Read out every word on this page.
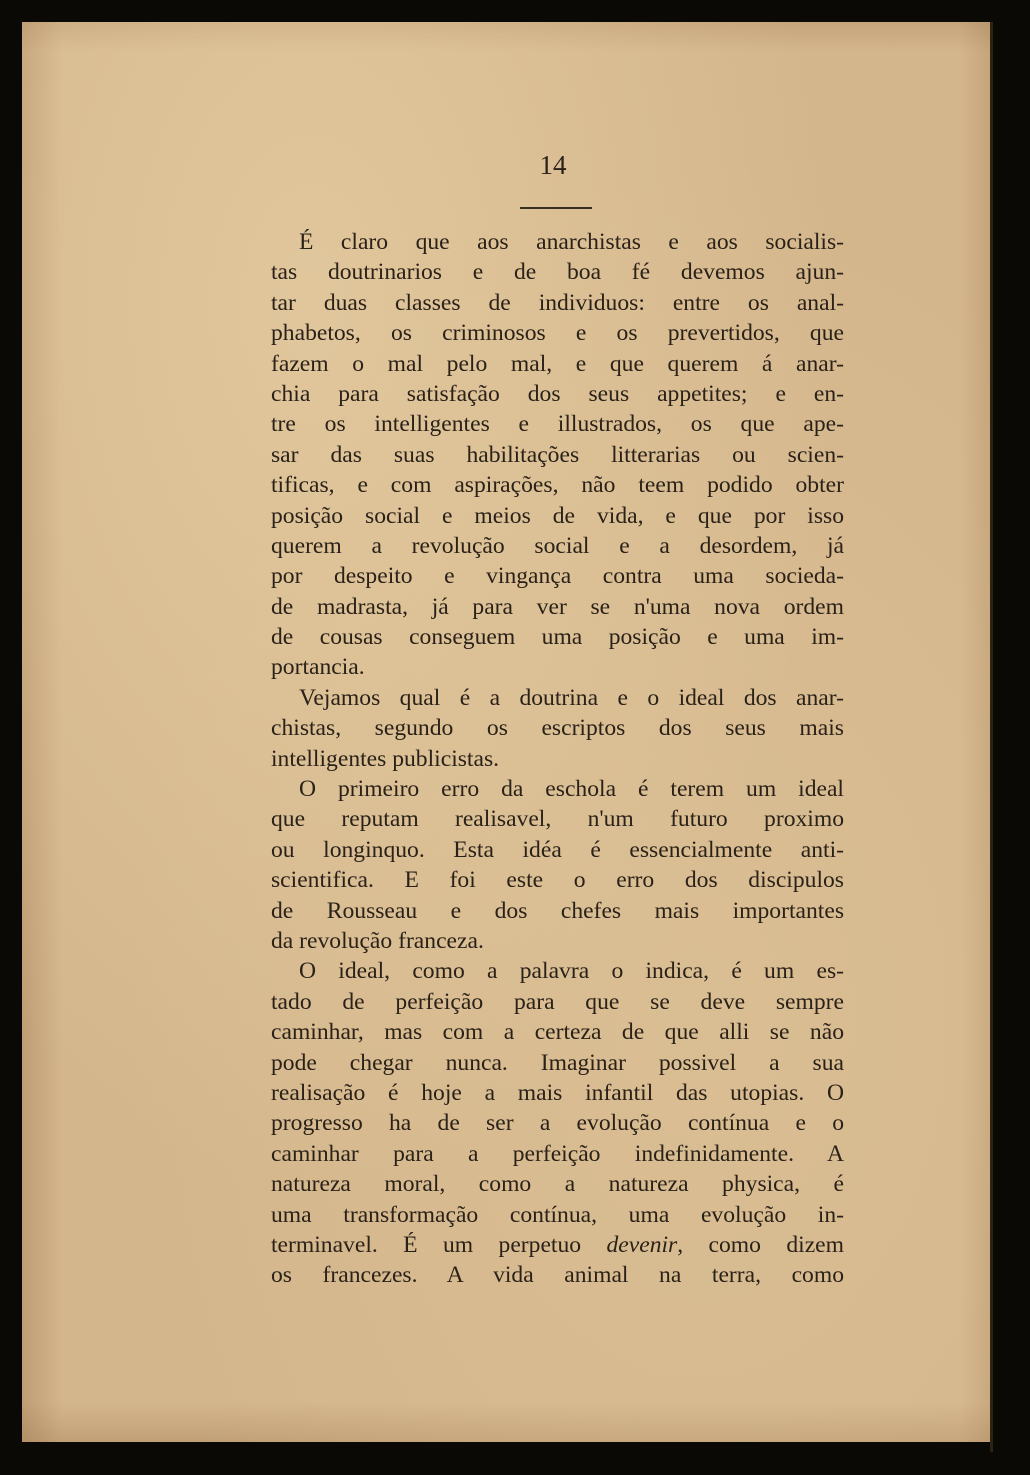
14
É claro que aos anarchistas e aos socialis-
tas doutrinarios e de boa fé devemos ajun-
tar duas classes de individuos: entre os anal-
phabetos, os criminosos e os prevertidos, que
fazem o mal pelo mal, e que querem á anar-
chia para satisfação dos seus appetites; e en-
tre os intelligentes e illustrados, os que ape-
sar das suas habilitações litterarias ou scien-
tificas, e com aspirações, não teem podido obter
posição social e meios de vida, e que por isso
querem a revolução social e a desordem, já
por despeito e vingança contra uma socieda-
de madrasta, já para ver se n'uma nova ordem
de cousas conseguem uma posição e uma im-
portancia.
Vejamos qual é a doutrina e o ideal dos anar-
chistas, segundo os escriptos dos seus mais
intelligentes publicistas.
O primeiro erro da eschola é terem um ideal
que reputam realisavel, n'um futuro proximo
ou longinquo. Esta idéa é essencialmente anti-
scientifica. E foi este o erro dos discipulos
de Rousseau e dos chefes mais importantes
da revolução franceza.
O ideal, como a palavra o indica, é um es-
tado de perfeição para que se deve sempre
caminhar, mas com a certeza de que alli se não
pode chegar nunca. Imaginar possivel a sua
realisação é hoje a mais infantil das utopias. O
progresso ha de ser a evolução contínua e o
caminhar para a perfeição indefinidamente. A
natureza moral, como a natureza physica, é
uma transformação contínua, uma evolução in-
terminavel. É um perpetuo devenir, como dizem
os francezes. A vida animal na terra, como
